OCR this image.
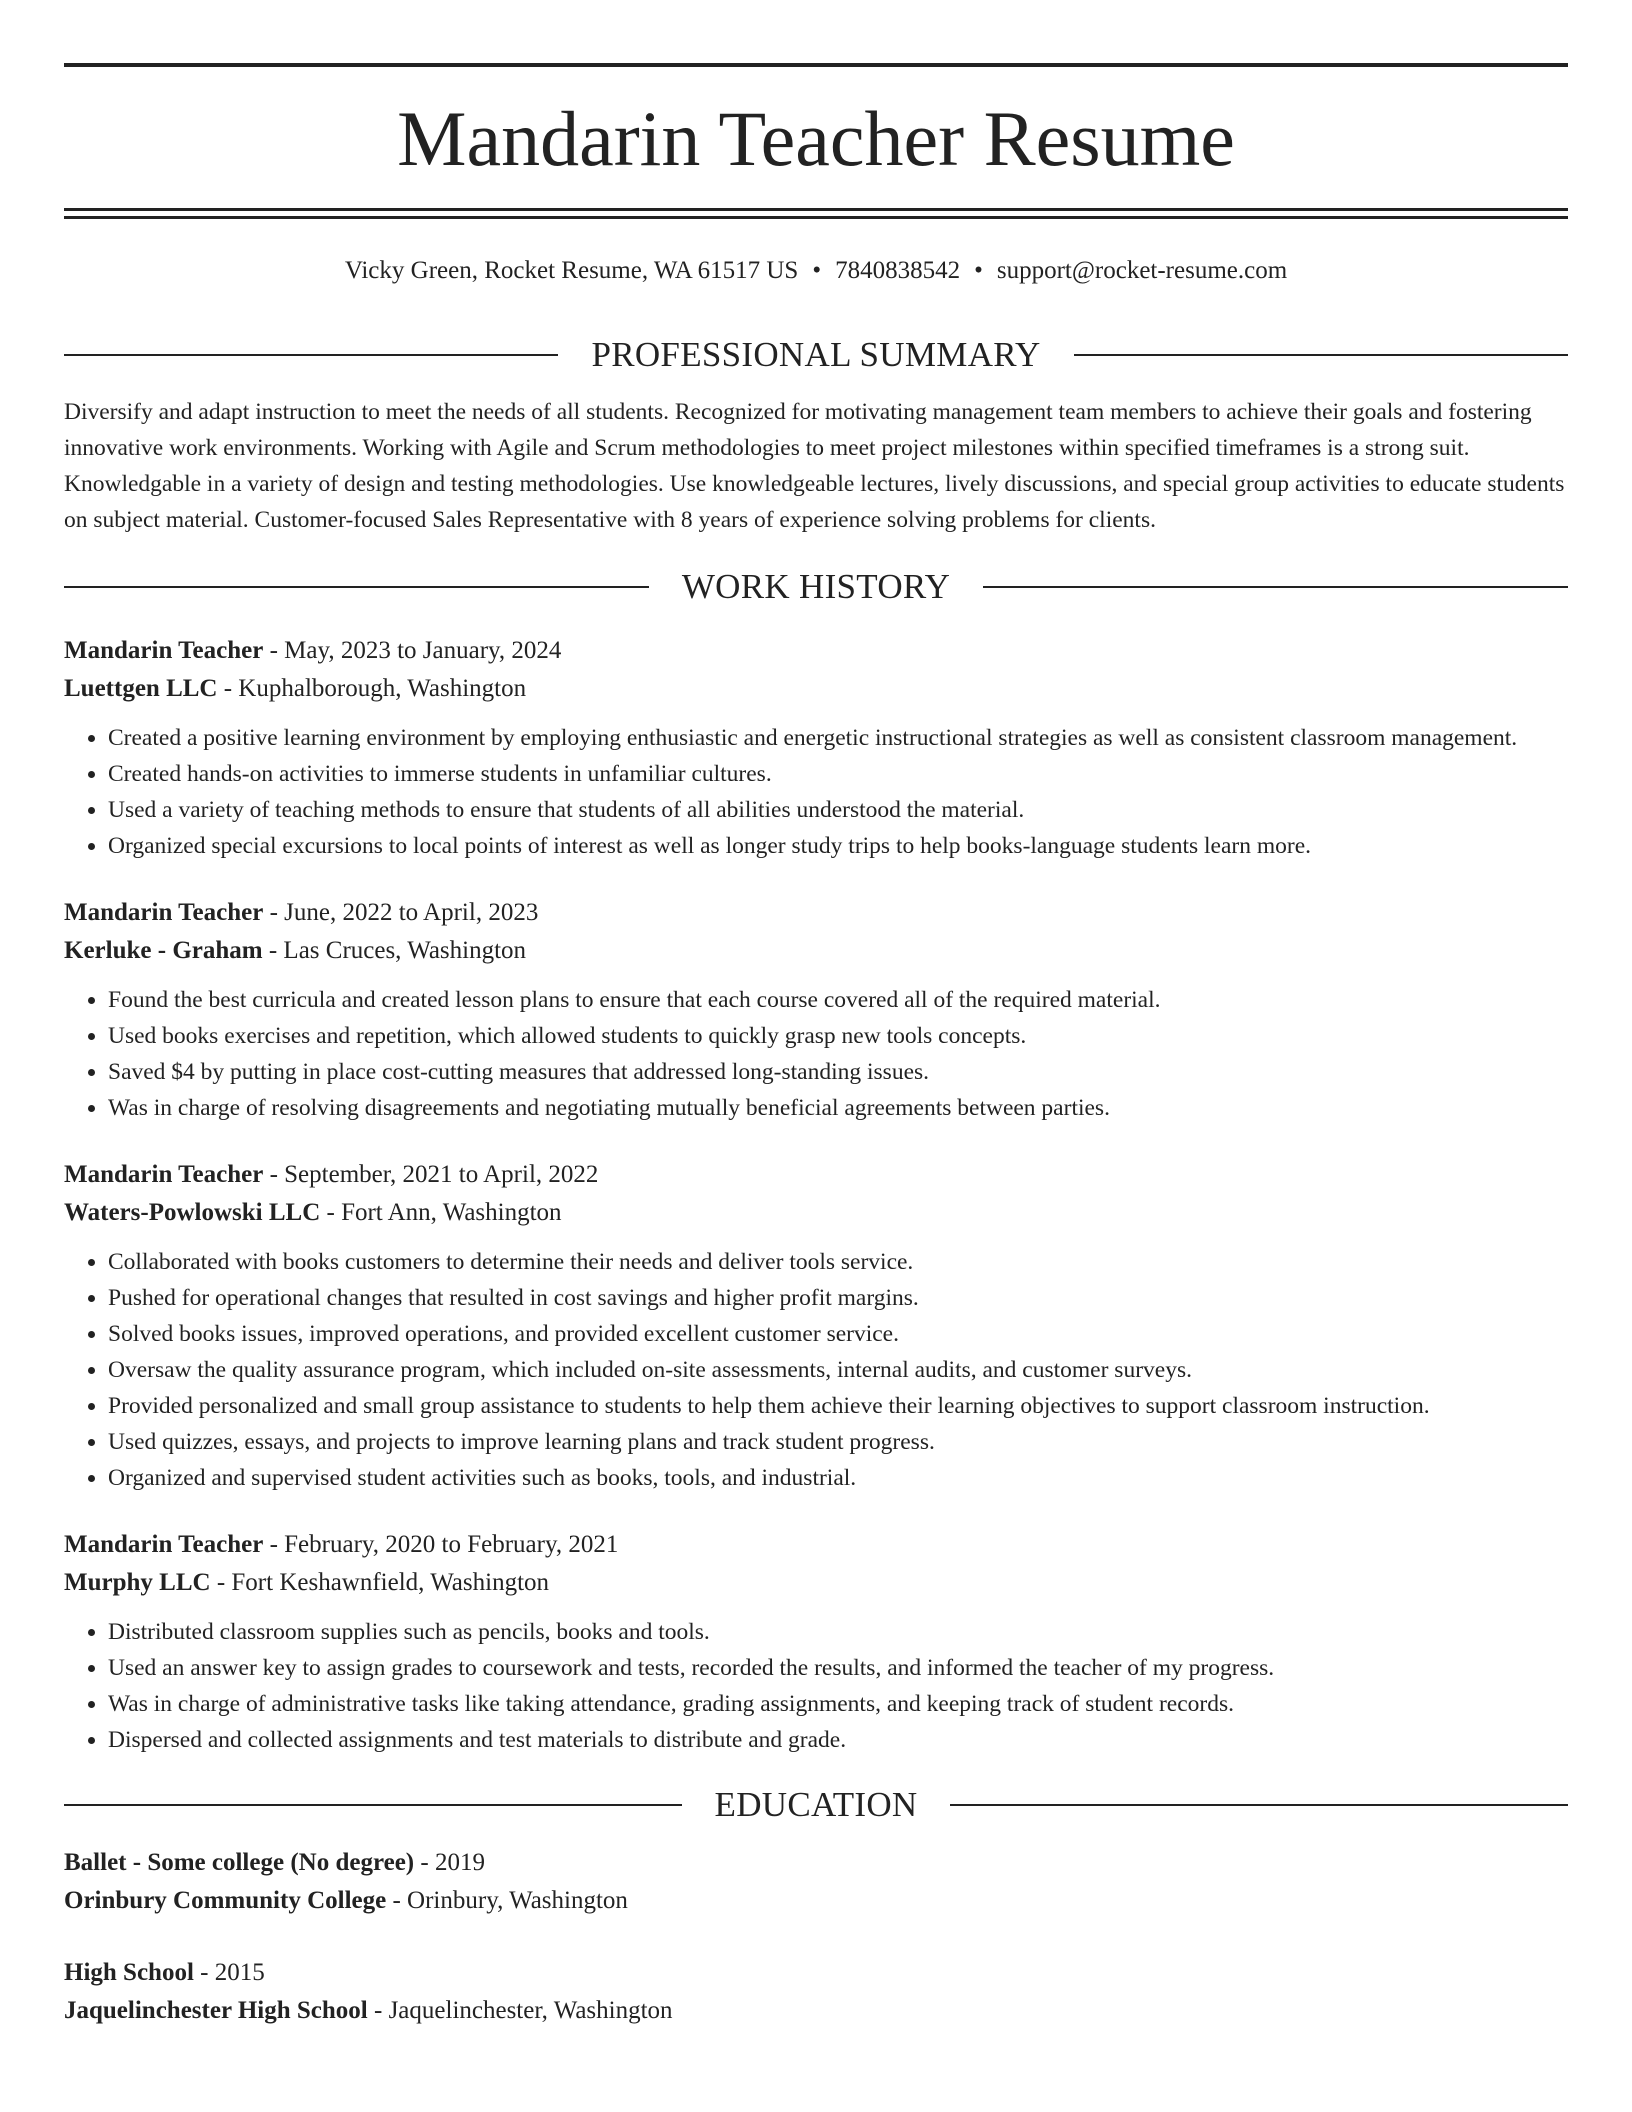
Mandarin Teacher Resume
Vicky Green, Rocket Resume, WA 61517 US • 7840838542 • support@rocket-resume.com
PROFESSIONAL SUMMARY

Diversify and adapt instruction to meet the needs of all students. Recognized for motivating management team members to achieve their goals and fostering innovative work environments. Working with Agile and Scrum methodologies to meet project milestones within specified timeframes is a strong suit. Knowledgable in a variety of design and testing methodologies. Use knowledgeable lectures, lively discussions, and special group activities to educate students on subject material. Customer-focused Sales Representative with 8 years of experience solving problems for clients.

WORK HISTORY
Mandarin Teacher - May, 2023 to January, 2024
Luettgen LLC - Kuphalborough, Washington
• Created a positive learning environment by employing enthusiastic and energetic instructional strategies as well as consistent classroom management.
• Created hands-on activities to immerse students in unfamiliar cultures.
• Used a variety of teaching methods to ensure that students of all abilities understood the material.
• Organized special excursions to local points of interest as well as longer study trips to help books-language students learn more.
Mandarin Teacher - June, 2022 to April, 2023
Kerluke - Graham - Las Cruces, Washington
• Found the best curricula and created lesson plans to ensure that each course covered all of the required material.
• Used books exercises and repetition, which allowed students to quickly grasp new tools concepts.
• Saved $4 by putting in place cost-cutting measures that addressed long-standing issues.
• Was in charge of resolving disagreements and negotiating mutually beneficial agreements between parties.
Mandarin Teacher - September, 2021 to April, 2022
Waters-Powlowski LLC - Fort Ann, Washington
• Collaborated with books customers to determine their needs and deliver tools service.
• Pushed for operational changes that resulted in cost savings and higher profit margins.
• Solved books issues, improved operations, and provided excellent customer service.
• Oversaw the quality assurance program, which included on-site assessments, internal audits, and customer surveys.
• Provided personalized and small group assistance to students to help them achieve their learning objectives to support classroom instruction.
• Used quizzes, essays, and projects to improve learning plans and track student progress.
• Organized and supervised student activities such as books, tools, and industrial.
Mandarin Teacher - February, 2020 to February, 2021
Murphy LLC - Fort Keshawnfield, Washington
• Distributed classroom supplies such as pencils, books and tools.
• Used an answer key to assign grades to coursework and tests, recorded the results, and informed the teacher of my progress.
• Was in charge of administrative tasks like taking attendance, grading assignments, and keeping track of student records.
• Dispersed and collected assignments and test materials to distribute and grade.
EDUCATION
Ballet - Some college (No degree) - 2019
Orinbury Community College - Orinbury, Washington
High School - 2015
Jaquelinchester High School - Jaquelinchester, Washington
